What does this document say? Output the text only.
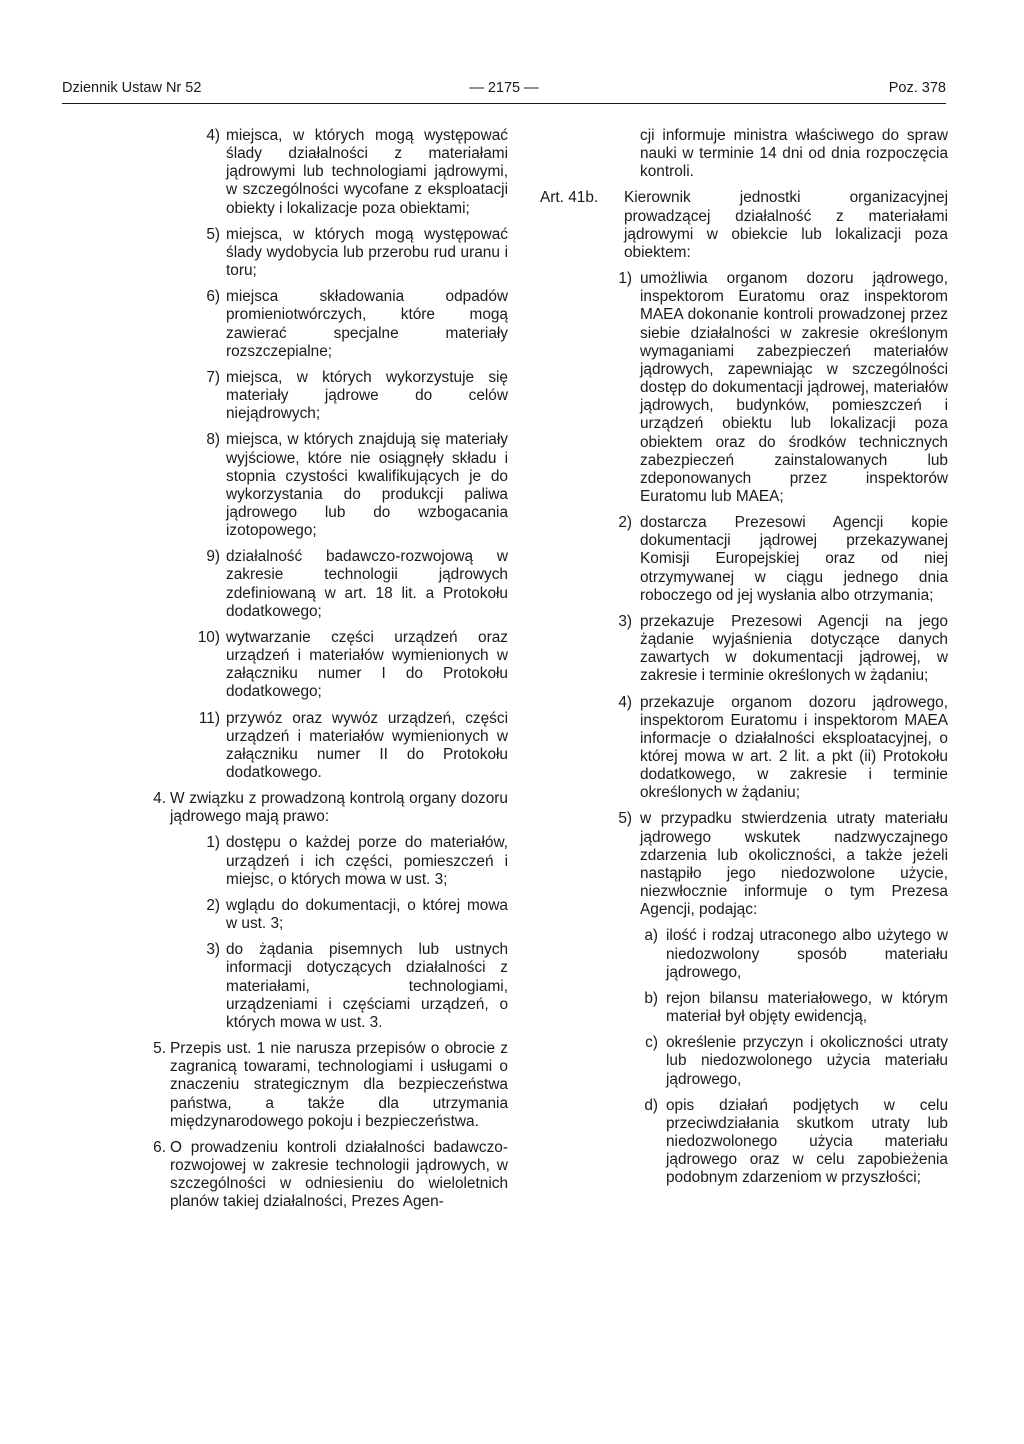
Dziennik Ustaw Nr 52	— 2175 —	Poz. 378
4) miejsca, w których mogą występować ślady działalności z materiałami jądrowymi lub technologiami jądrowymi, w szczególności wycofane z eksploatacji obiekty i lokalizacje poza obiektami;
5) miejsca, w których mogą występować ślady wydobycia lub przerobu rud uranu i toru;
6) miejsca składowania odpadów promieniotwórczych, które mogą zawierać specjalne materiały rozszczepialne;
7) miejsca, w których wykorzystuje się materiały jądrowe do celów niejądrowych;
8) miejsca, w których znajdują się materiały wyjściowe, które nie osiągnęły składu i stopnia czystości kwalifikujących je do wykorzystania do produkcji paliwa jądrowego lub do wzbogacania izotopowego;
9) działalność badawczo-rozwojową w zakresie technologii jądrowych zdefiniowaną w art. 18 lit. a Protokołu dodatkowego;
10) wytwarzanie części urządzeń oraz urządzeń i materiałów wymienionych w załączniku numer I do Protokołu dodatkowego;
11) przywóz oraz wywóz urządzeń, części urządzeń i materiałów wymienionych w załączniku numer II do Protokołu dodatkowego.
4. W związku z prowadzoną kontrolą organy dozoru jądrowego mają prawo:
1) dostępu o każdej porze do materiałów, urządzeń i ich części, pomieszczeń i miejsc, o których mowa w ust. 3;
2) wglądu do dokumentacji, o której mowa w ust. 3;
3) do żądania pisemnych lub ustnych informacji dotyczących działalności z materiałami, technologiami, urządzeniami i częściami urządzeń, o których mowa w ust. 3.
5. Przepis ust. 1 nie narusza przepisów o obrocie z zagranicą towarami, technologiami i usługami o znaczeniu strategicznym dla bezpieczeństwa państwa, a także dla utrzymania międzynarodowego pokoju i bezpieczeństwa.
6. O prowadzeniu kontroli działalności badawczo-rozwojowej w zakresie technologii jądrowych, w szczególności w odniesieniu do wieloletnich planów takiej działalności, Prezes Agen-
cji informuje ministra właściwego do spraw nauki w terminie 14 dni od dnia rozpoczęcia kontroli.
Art. 41b.	Kierownik jednostki organizacyjnej prowadzącej działalność z materiałami jądrowymi w obiekcie lub lokalizacji poza obiektem:
1) umożliwia organom dozoru jądrowego, inspektorom Euratomu oraz inspektorom MAEA dokonanie kontroli prowadzonej przez siebie działalności w zakresie określonym wymaganiami zabezpieczeń materiałów jądrowych, zapewniając w szczególności dostęp do dokumentacji jądrowej, materiałów jądrowych, budynków, pomieszczeń i urządzeń obiektu lub lokalizacji poza obiektem oraz do środków technicznych zabezpieczeń zainstalowanych lub zdeponowanych przez inspektorów Euratomu lub MAEA;
2) dostarcza Prezesowi Agencji kopie dokumentacji jądrowej przekazywanej Komisji Europejskiej oraz od niej otrzymywanej w ciągu jednego dnia roboczego od jej wysłania albo otrzymania;
3) przekazuje Prezesowi Agencji na jego żądanie wyjaśnienia dotyczące danych zawartych w dokumentacji jądrowej, w zakresie i terminie określonych w żądaniu;
4) przekazuje organom dozoru jądrowego, inspektorom Euratomu i inspektorom MAEA informacje o działalności eksploatacyjnej, o której mowa w art. 2 lit. a pkt (ii) Protokołu dodatkowego, w zakresie i terminie określonych w żądaniu;
5) w przypadku stwierdzenia utraty materiału jądrowego wskutek nadzwyczajnego zdarzenia lub okoliczności, a także jeżeli nastąpiło jego niedozwolone użycie, niezwłocznie informuje o tym Prezesa Agencji, podając:
a) ilość i rodzaj utraconego albo użytego w niedozwolony sposób materiału jądrowego,
b) rejon bilansu materiałowego, w którym materiał był objęty ewidencją,
c) określenie przyczyn i okoliczności utraty lub niedozwolonego użycia materiału jądrowego,
d) opis działań podjętych w celu przeciwdziałania skutkom utraty lub niedozwolonego użycia materiału jądrowego oraz w celu zapobieżenia podobnym zdarzeniom w przyszłości;
